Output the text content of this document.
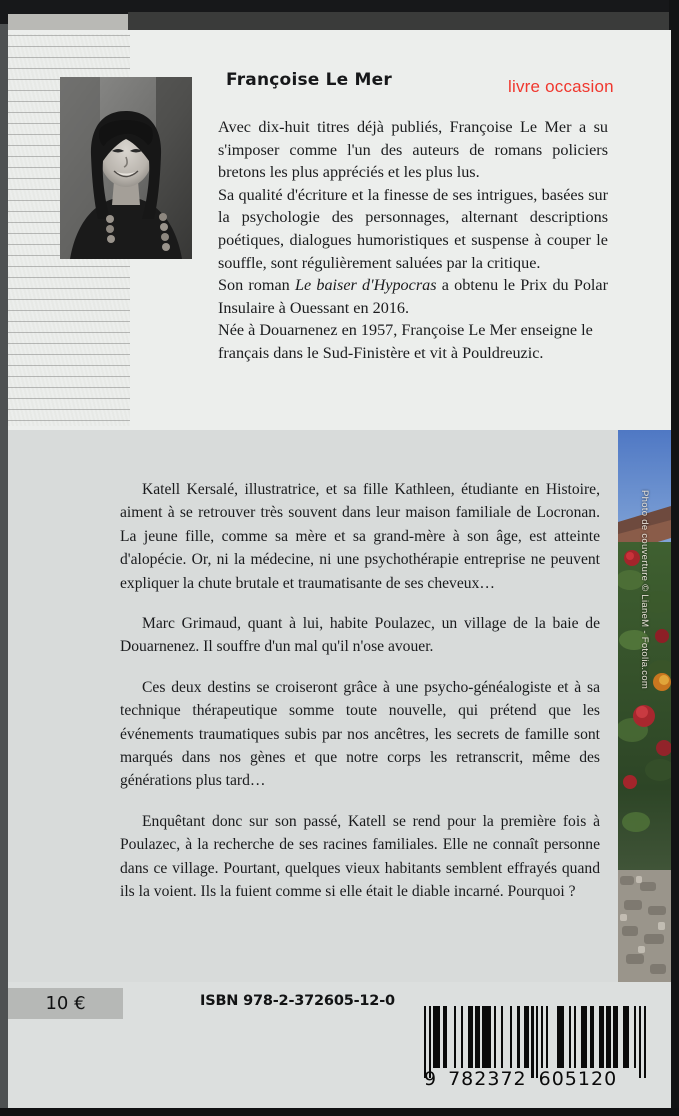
Françoise Le Mer	livre occasion

Avec dix-huit titres déjà publiés, Françoise Le Mer a su s'imposer comme l'un des auteurs de romans policiers bretons les plus appréciés et les plus lus.

Sa qualité d'écriture et la finesse de ses intrigues, basées sur la psychologie des personnages, alternant descriptions poétiques, dialogues humoristiques et suspense à couper le souffle, sont régulièrement saluées par la critique.

Son roman Le baiser d'Hypocras a obtenu le Prix du Polar Insulaire à Ouessant en 2016.

Née à Douarnenez en 1957, Françoise Le Mer enseigne le français dans le Sud-Finistère et vit à Pouldreuzic.

Katell Kersalé, illustratrice, et sa fille Kathleen, étudiante en Histoire, aiment à se retrouver très souvent dans leur maison familiale de Locronan. La jeune fille, comme sa mère et sa grand-mère à son âge, est atteinte d'alopécie. Or, ni la médecine, ni une psychothérapie entreprise ne peuvent expliquer la chute brutale et traumatisante de ses cheveux…

Marc Grimaud, quant à lui, habite Poulazec, un village de la baie de Douarnenez. Il souffre d'un mal qu'il n'ose avouer.

Ces deux destins se croiseront grâce à une psycho-généalogiste et à sa technique thérapeutique somme toute nouvelle, qui prétend que les événements traumatiques subis par nos ancêtres, les secrets de famille sont marqués dans nos gènes et que notre corps les retranscrit, même des générations plus tard…

Enquêtant donc sur son passé, Katell se rend pour la première fois à Poulazec, à la recherche de ses racines familiales. Elle ne connaît personne dans ce village. Pourtant, quelques vieux habitants semblent effrayés quand ils la voient. Ils la fuient comme si elle était le diable incarné. Pourquoi ?

Photo de couverture © LianeM - Fotolia.com
10 €	ISBN 978-2-372605-12-0
9 782372 605120
